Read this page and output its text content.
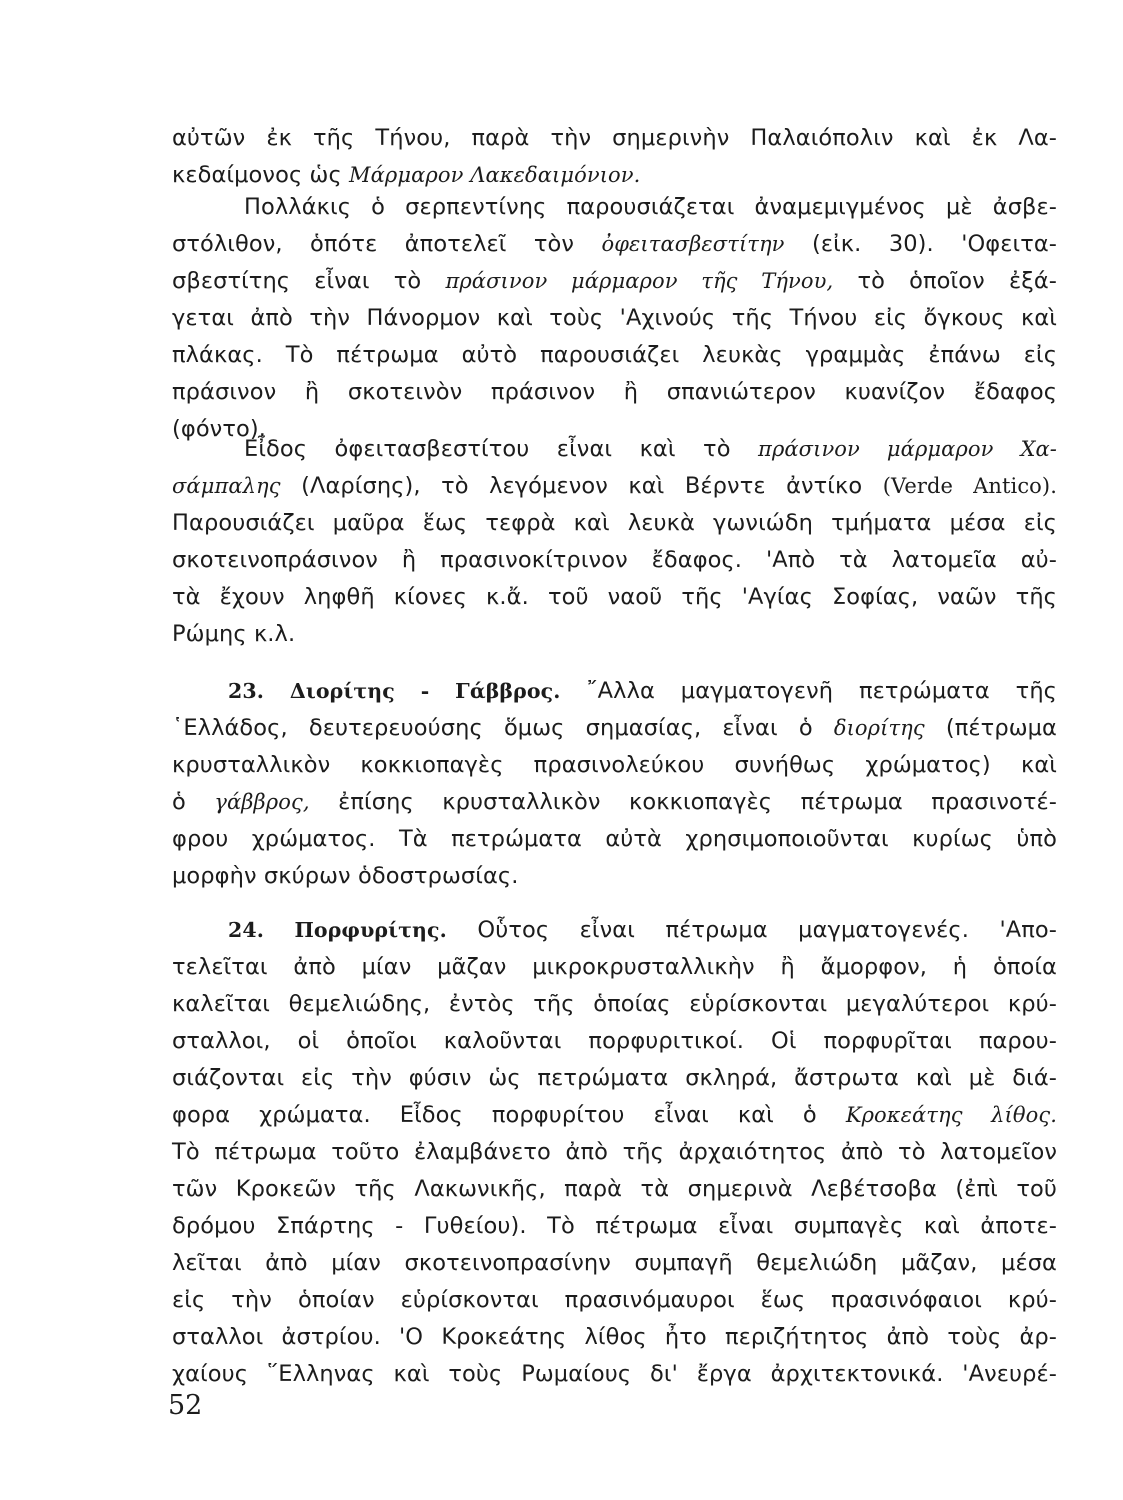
αὐτῶν ἐκ τῆς Τήνου, παρὰ τὴν σημερινὴν Παλαιόπολιν καὶ ἐκ Λα-
κεδαίμονος ὡς Μάρμαρον Λακεδαιμόνιον.
Πολλάκις ὁ σερπεντίνης παρουσιάζεται ἀναμεμιγμένος μὲ ἀσβε-
στόλιθον, ὁπότε ἀποτελεῖ τὸν ὀφειτασβεστίτην (εἰκ. 30). 'Οφειτα-
σβεστίτης εἶναι τὸ πράσινον μάρμαρον τῆς Τήνου, τὸ ὁποῖον ἐξά-
γεται ἀπὸ τὴν Πάνορμον καὶ τοὺς 'Αχινούς τῆς Τήνου εἰς ὄγκους καὶ
πλάκας. Τὸ πέτρωμα αὐτὸ παρουσιάζει λευκὰς γραμμὰς ἐπάνω εἰς
πράσινον ἢ σκοτεινὸν πράσινον ἢ σπανιώτερον κυανίζον ἔδαφος
(φόντο).
Εἶδος ὀφειτασβεστίτου εἶναι καὶ τὸ πράσινον μάρμαρον Χα-
σάμπαλης (Λαρίσης), τὸ λεγόμενον καὶ Βέρντε ἀντίκο (Verde Antico).
Παρουσιάζει μαῦρα ἕως τεφρὰ καὶ λευκὰ γωνιώδη τμήματα μέσα εἰς
σκοτεινοπράσινον ἢ πρασινοκίτρινον ἔδαφος. 'Απὸ τὰ λατομεῖα αὐ-
τὰ ἔχουν ληφθῆ κίονες κ.ἄ. τοῦ ναοῦ τῆς 'Αγίας Σοφίας, ναῶν τῆς
Ρώμης κ.λ.
23. Διορίτης - Γάββρος. ῎Αλλα μαγματογενῆ πετρώματα τῆς
῾Ελλάδος, δευτερευούσης ὅμως σημασίας, εἶναι ὁ διορίτης (πέτρωμα
κρυσταλλικὸν κοκκιοπαγὲς πρασινολεύκου συνήθως χρώματος) καὶ
ὁ γάββρος, ἐπίσης κρυσταλλικὸν κοκκιοπαγὲς πέτρωμα πρασινοτέ-
φρου χρώματος. Τὰ πετρώματα αὐτὰ χρησιμοποιοῦνται κυρίως ὑπὸ
μορφὴν σκύρων ὁδοστρωσίας.
24. Πορφυρίτης. Οὗτος εἶναι πέτρωμα μαγματογενές. 'Απο-
τελεῖται ἀπὸ μίαν μᾶζαν μικροκρυσταλλικὴν ἢ ἄμορφον, ἡ ὁποία
καλεῖται θεμελιώδης, ἐντὸς τῆς ὁποίας εὑρίσκονται μεγαλύτεροι κρύ-
σταλλοι, οἱ ὁποῖοι καλοῦνται πορφυριτικοί. Οἱ πορφυρῖται παρου-
σιάζονται εἰς τὴν φύσιν ὡς πετρώματα σκληρά, ἄστρωτα καὶ μὲ διά-
φορα χρώματα. Εἶδος πορφυρίτου εἶναι καὶ ὁ Κροκεάτης λίθος.
Τὸ πέτρωμα τοῦτο ἐλαμβάνετο ἀπὸ τῆς ἀρχαιότητος ἀπὸ τὸ λατομεῖον
τῶν Κροκεῶν τῆς Λακωνικῆς, παρὰ τὰ σημερινὰ Λεβέτσοβα (ἐπὶ τοῦ
δρόμου Σπάρτης - Γυθείου). Τὸ πέτρωμα εἶναι συμπαγὲς καὶ ἀποτε-
λεῖται ἀπὸ μίαν σκοτεινοπρασίνην συμπαγῆ θεμελιώδη μᾶζαν, μέσα
εἰς τὴν ὁποίαν εὑρίσκονται πρασινόμαυροι ἕως πρασινόφαιοι κρύ-
σταλλοι ἀστρίου. 'Ο Κροκεάτης λίθος ἦτο περιζήτητος ἀπὸ τοὺς ἀρ-
χαίους ῞Ελληνας καὶ τοὺς Ρωμαίους δι' ἔργα ἀρχιτεκτονικά. 'Ανευρέ-
52
